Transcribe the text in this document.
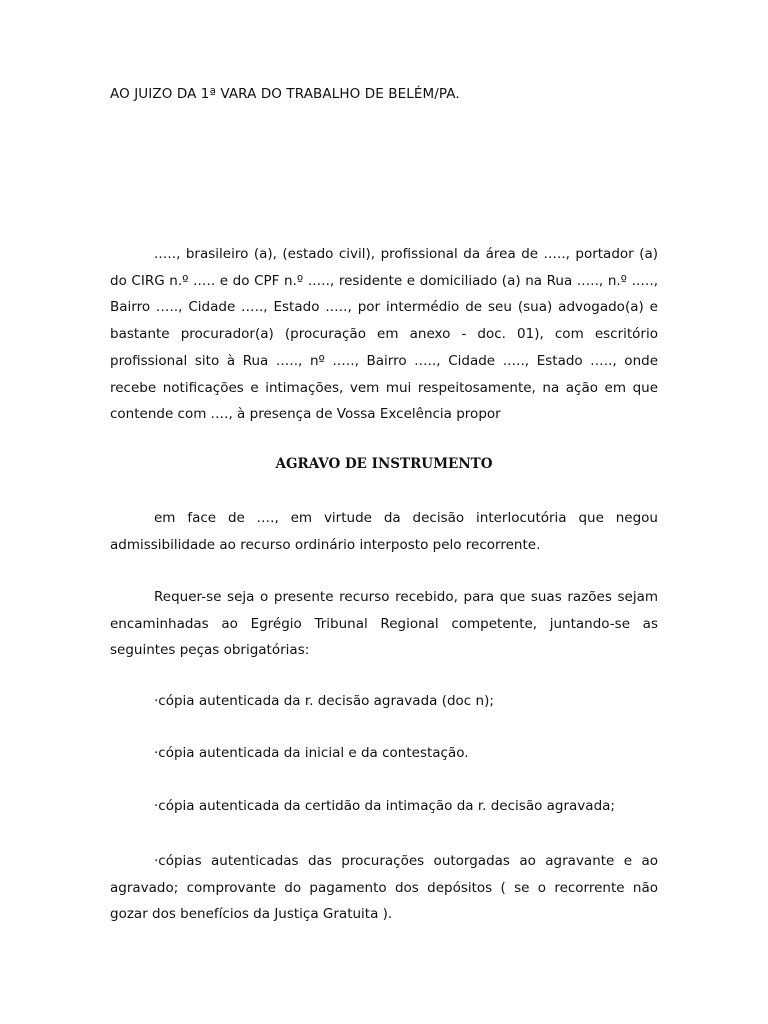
AO JUIZO DA 1ª VARA DO TRABALHO DE BELÉM/PA.
.…., brasileiro (a), (estado civil), profissional da área de .…., portador (a) do CIRG n.º .…. e do CPF n.º .…., residente e domiciliado (a) na Rua .…., n.º .…., Bairro .…., Cidade .…., Estado .…., por intermédio de seu (sua) advogado(a) e bastante procurador(a) (procuração em anexo - doc. 01), com escritório profissional sito à Rua .…., nº .…., Bairro .…., Cidade .…., Estado .…., onde recebe notificações e intimações, vem mui respeitosamente, na ação em que contende com .…, à presença de Vossa Excelência propor
AGRAVO DE INSTRUMENTO
em face de .…, em virtude da decisão interlocutória que negou admissibilidade ao recurso ordinário interposto pelo recorrente.
Requer-se seja o presente recurso recebido, para que suas razões sejam encaminhadas ao Egrégio Tribunal Regional competente, juntando-se as seguintes peças obrigatórias:
·cópia autenticada da r. decisão agravada (doc n);
·cópia autenticada da inicial e da contestação.
·cópia autenticada da certidão da intimação da r. decisão agravada;
·cópias autenticadas das procurações outorgadas ao agravante e ao agravado; comprovante do pagamento dos depósitos ( se o recorrente não gozar dos benefícios da Justiça Gratuita ).
